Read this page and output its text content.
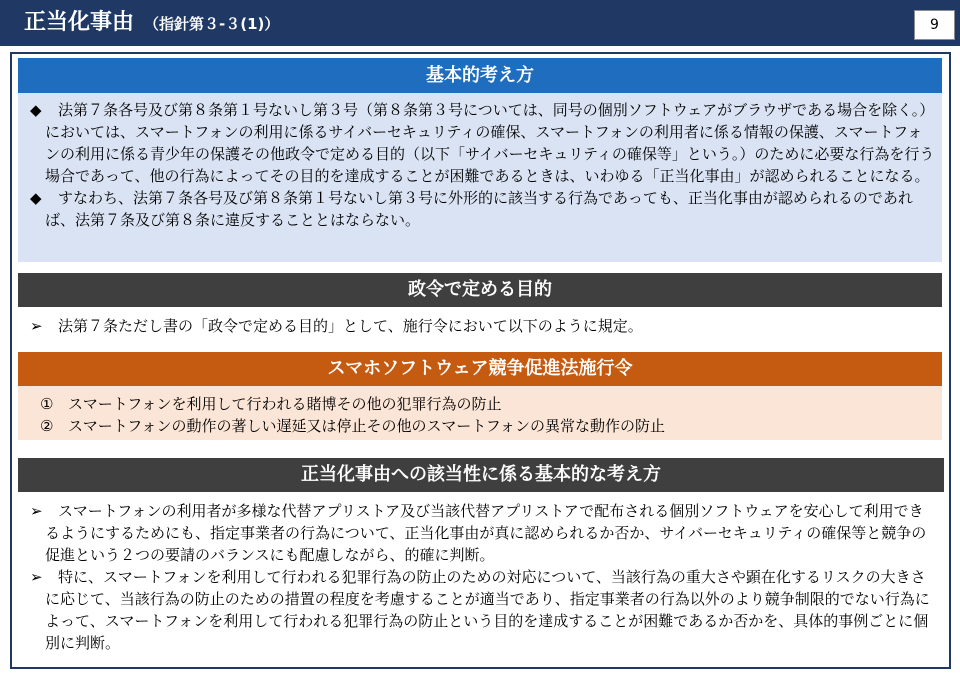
正当化事由 （指針第３-３(1)）	9
基本的考え方
◆ 法第７条各号及び第８条第１号ないし第３号（第８条第３号については、同号の個別ソフトウェアがブラウザである場合を除く。）においては、スマートフォンの利用に係るサイバーセキュリティの確保、スマートフォンの利用者に係る情報の保護、スマートフォンの利用に係る青少年の保護その他政令で定める目的（以下「サイバーセキュリティの確保等」という。）のために必要な行為を行う場合であって、他の行為によってその目的を達成することが困難であるときは、いわゆる「正当化事由」が認められることになる。
◆ すなわち、法第７条各号及び第８条第１号ないし第３号に外形的に該当する行為であっても、正当化事由が認められるのであれば、法第７条及び第８条に違反することとはならない。
政令で定める目的
➢ 法第７条ただし書の「政令で定める目的」として、施行令において以下のように規定。
スマホソフトウェア競争促進法施行令
① スマートフォンを利用して行われる賭博その他の犯罪行為の防止
② スマートフォンの動作の著しい遅延又は停止その他のスマートフォンの異常な動作の防止
正当化事由への該当性に係る基本的な考え方
➢ スマートフォンの利用者が多様な代替アプリストア及び当該代替アプリストアで配布される個別ソフトウェアを安心して利用できるようにするためにも、指定事業者の行為について、正当化事由が真に認められるか否か、サイバーセキュリティの確保等と競争の促進という２つの要請のバランスにも配慮しながら、的確に判断。
➢ 特に、スマートフォンを利用して行われる犯罪行為の防止のための対応について、当該行為の重大さや顕在化するリスクの大きさに応じて、当該行為の防止のための措置の程度を考慮することが適当であり、指定事業者の行為以外のより競争制限的でない行為によって、スマートフォンを利用して行われる犯罪行為の防止という目的を達成することが困難であるか否かを、具体的事例ごとに個別に判断。
